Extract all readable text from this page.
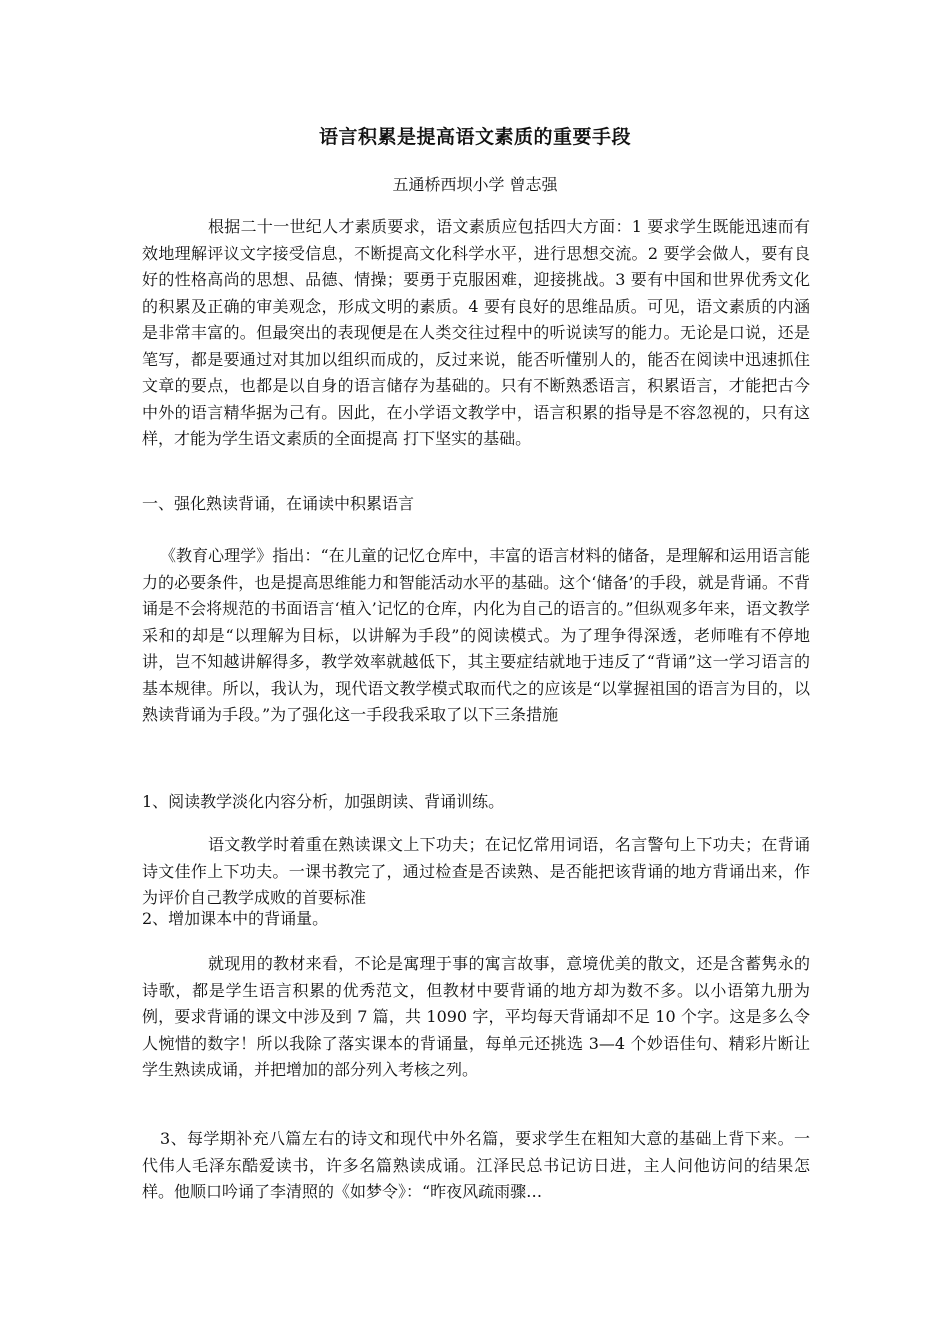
语言积累是提高语文素质的重要手段
五通桥西坝小学 曾志强

根据二十一世纪人才素质要求，语文素质应包括四大方面：1 要求学生既能迅速而有效地理解评议文字接受信息，不断提高文化科学水平，进行思想交流。2 要学会做人，要有良好的性格高尚的思想、品德、情操；要勇于克服困难，迎接挑战。3 要有中国和世界优秀文化的积累及正确的审美观念，形成文明的素质。4 要有良好的思维品质。可见，语文素质的内涵是非常丰富的。但最突出的表现便是在人类交往过程中的听说读写的能力。无论是口说，还是笔写，都是要通过对其加以组织而成的，反过来说，能否听懂别人的，能否在阅读中迅速抓住文章的要点，也都是以自身的语言储存为基础的。只有不断熟悉语言，积累语言，才能把古今中外的语言精华据为己有。因此，在小学语文教学中，语言积累的指导是不容忽视的，只有这样，才能为学生语文素质的全面提高 打下坚实的基础。

一、强化熟读背诵，在诵读中积累语言

《教育心理学》指出：“在儿童的记忆仓库中，丰富的语言材料的储备，是理解和运用语言能力的必要条件，也是提高思维能力和智能活动水平的基础。这个‘储备’的手段，就是背诵。不背诵是不会将规范的书面语言‘植入’记忆的仓库，内化为自己的语言的。”但纵观多年来，语文教学采和的却是“以理解为目标，以讲解为手段”的阅读模式。为了理争得深透，老师唯有不停地讲，岂不知越讲解得多，教学效率就越低下，其主要症结就地于违反了“背诵”这一学习语言的基本规律。所以，我认为，现代语文教学模式取而代之的应该是“以掌握祖国的语言为目的，以熟读背诵为手段。”为了强化这一手段我采取了以下三条措施

1、阅读教学淡化内容分析，加强朗读、背诵训练。

语文教学时着重在熟读课文上下功夫；在记忆常用词语，名言警句上下功夫；在背诵诗文佳作上下功夫。一课书教完了，通过检查是否读熟、是否能把该背诵的地方背诵出来，作为评价自己教学成败的首要标准

2、增加课本中的背诵量。

就现用的教材来看，不论是寓理于事的寓言故事，意境优美的散文，还是含蓄隽永的诗歌，都是学生语言积累的优秀范文，但教材中要背诵的地方却为数不多。以小语第九册为例，要求背诵的课文中涉及到 7 篇，共 1090 字，平均每天背诵却不足 10 个字。这是多么令人惋惜的数字！所以我除了落实课本的背诵量，每单元还挑选 3—4 个妙语佳句、精彩片断让学生熟读成诵，并把增加的部分列入考核之列。

3、每学期补充八篇左右的诗文和现代中外名篇，要求学生在粗知大意的基础上背下来。一代伟人毛泽东酷爱读书，许多名篇熟读成诵。江泽民总书记访日进，主人问他访问的结果怎样。他顺口吟诵了李清照的《如梦令》：“昨夜风疏雨骤…
